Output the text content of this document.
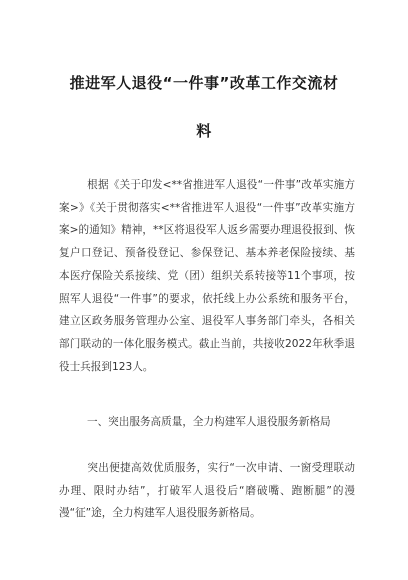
推进军人退役“一件事”改革工作交流材
料
根据《关于印发<**省推进军人退役“一件事”改革实施方案>》《关于贯彻落实<**省推进军人退役“一件事”改革实施方案>的通知》精神，**区将退役军人返乡需要办理退役报到、恢复户口登记、预备役登记、参保登记、基本养老保险接续、基本医疗保险关系接续、党（团）组织关系转接等11个事项，按照军人退役“一件事”的要求，依托线上办公系统和服务平台，建立区政务服务管理办公室、退役军人事务部门牵头，各相关部门联动的一体化服务模式。截止当前，共接收2022年秋季退役士兵报到123人。
一、突出服务高质量，全力构建军人退役服务新格局
突出便捷高效优质服务，实行“一次申请、一窗受理联动办理、限时办结”，打破军人退役后“磨破嘴、跑断腿”的漫漫“征”途，全力构建军人退役服务新格局。
